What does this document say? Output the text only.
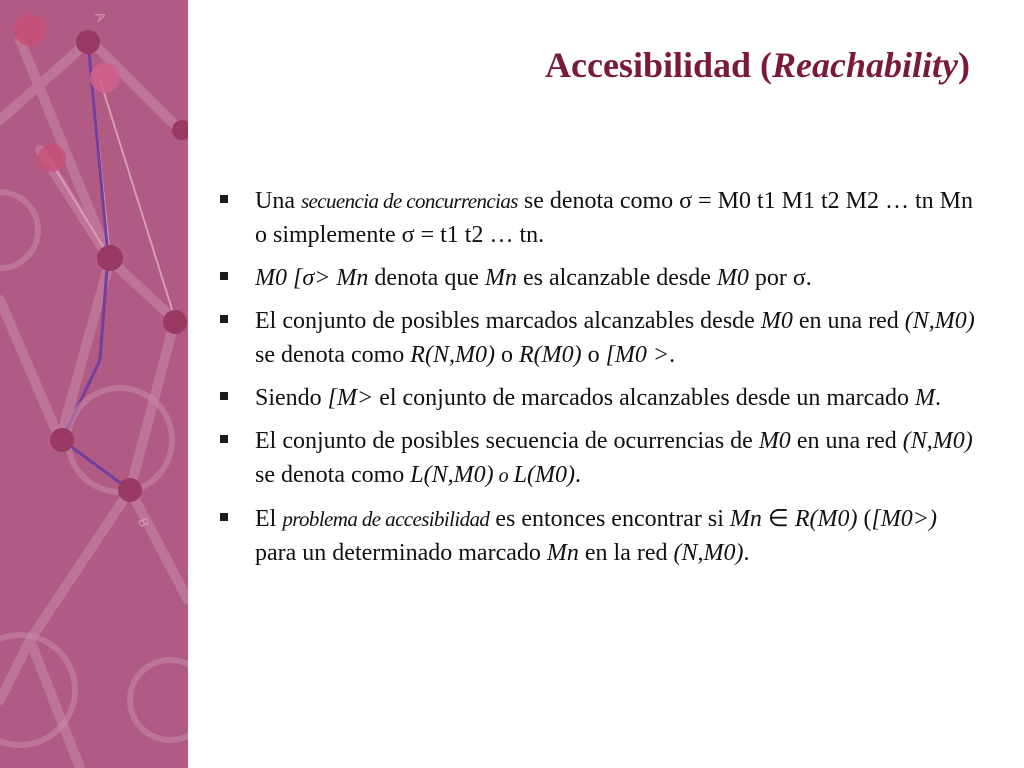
A
B
Accesibilidad (Reachability)
Una secuencia de concurrencias se denota como σ = M0 t1 M1 t2 M2 … tn Mn o simplemente σ = t1 t2 … tn.
M0 [σ> Mn denota que Mn es alcanzable desde M0 por σ.
El conjunto de posibles marcados alcanzables desde M0 en una red (N,M0) se denota como R(N,M0) o R(M0) o [M0 >.
Siendo [M> el conjunto de marcados alcanzables desde un marcado M.
El conjunto de posibles secuencia de ocurrencias de M0 en una red (N,M0) se denota como L(N,M0) o L(M0).
El problema de accesibilidad es entonces encontrar si Mn ∈ R(M0) ([M0>) para un determinado marcado Mn en la red (N,M0).
